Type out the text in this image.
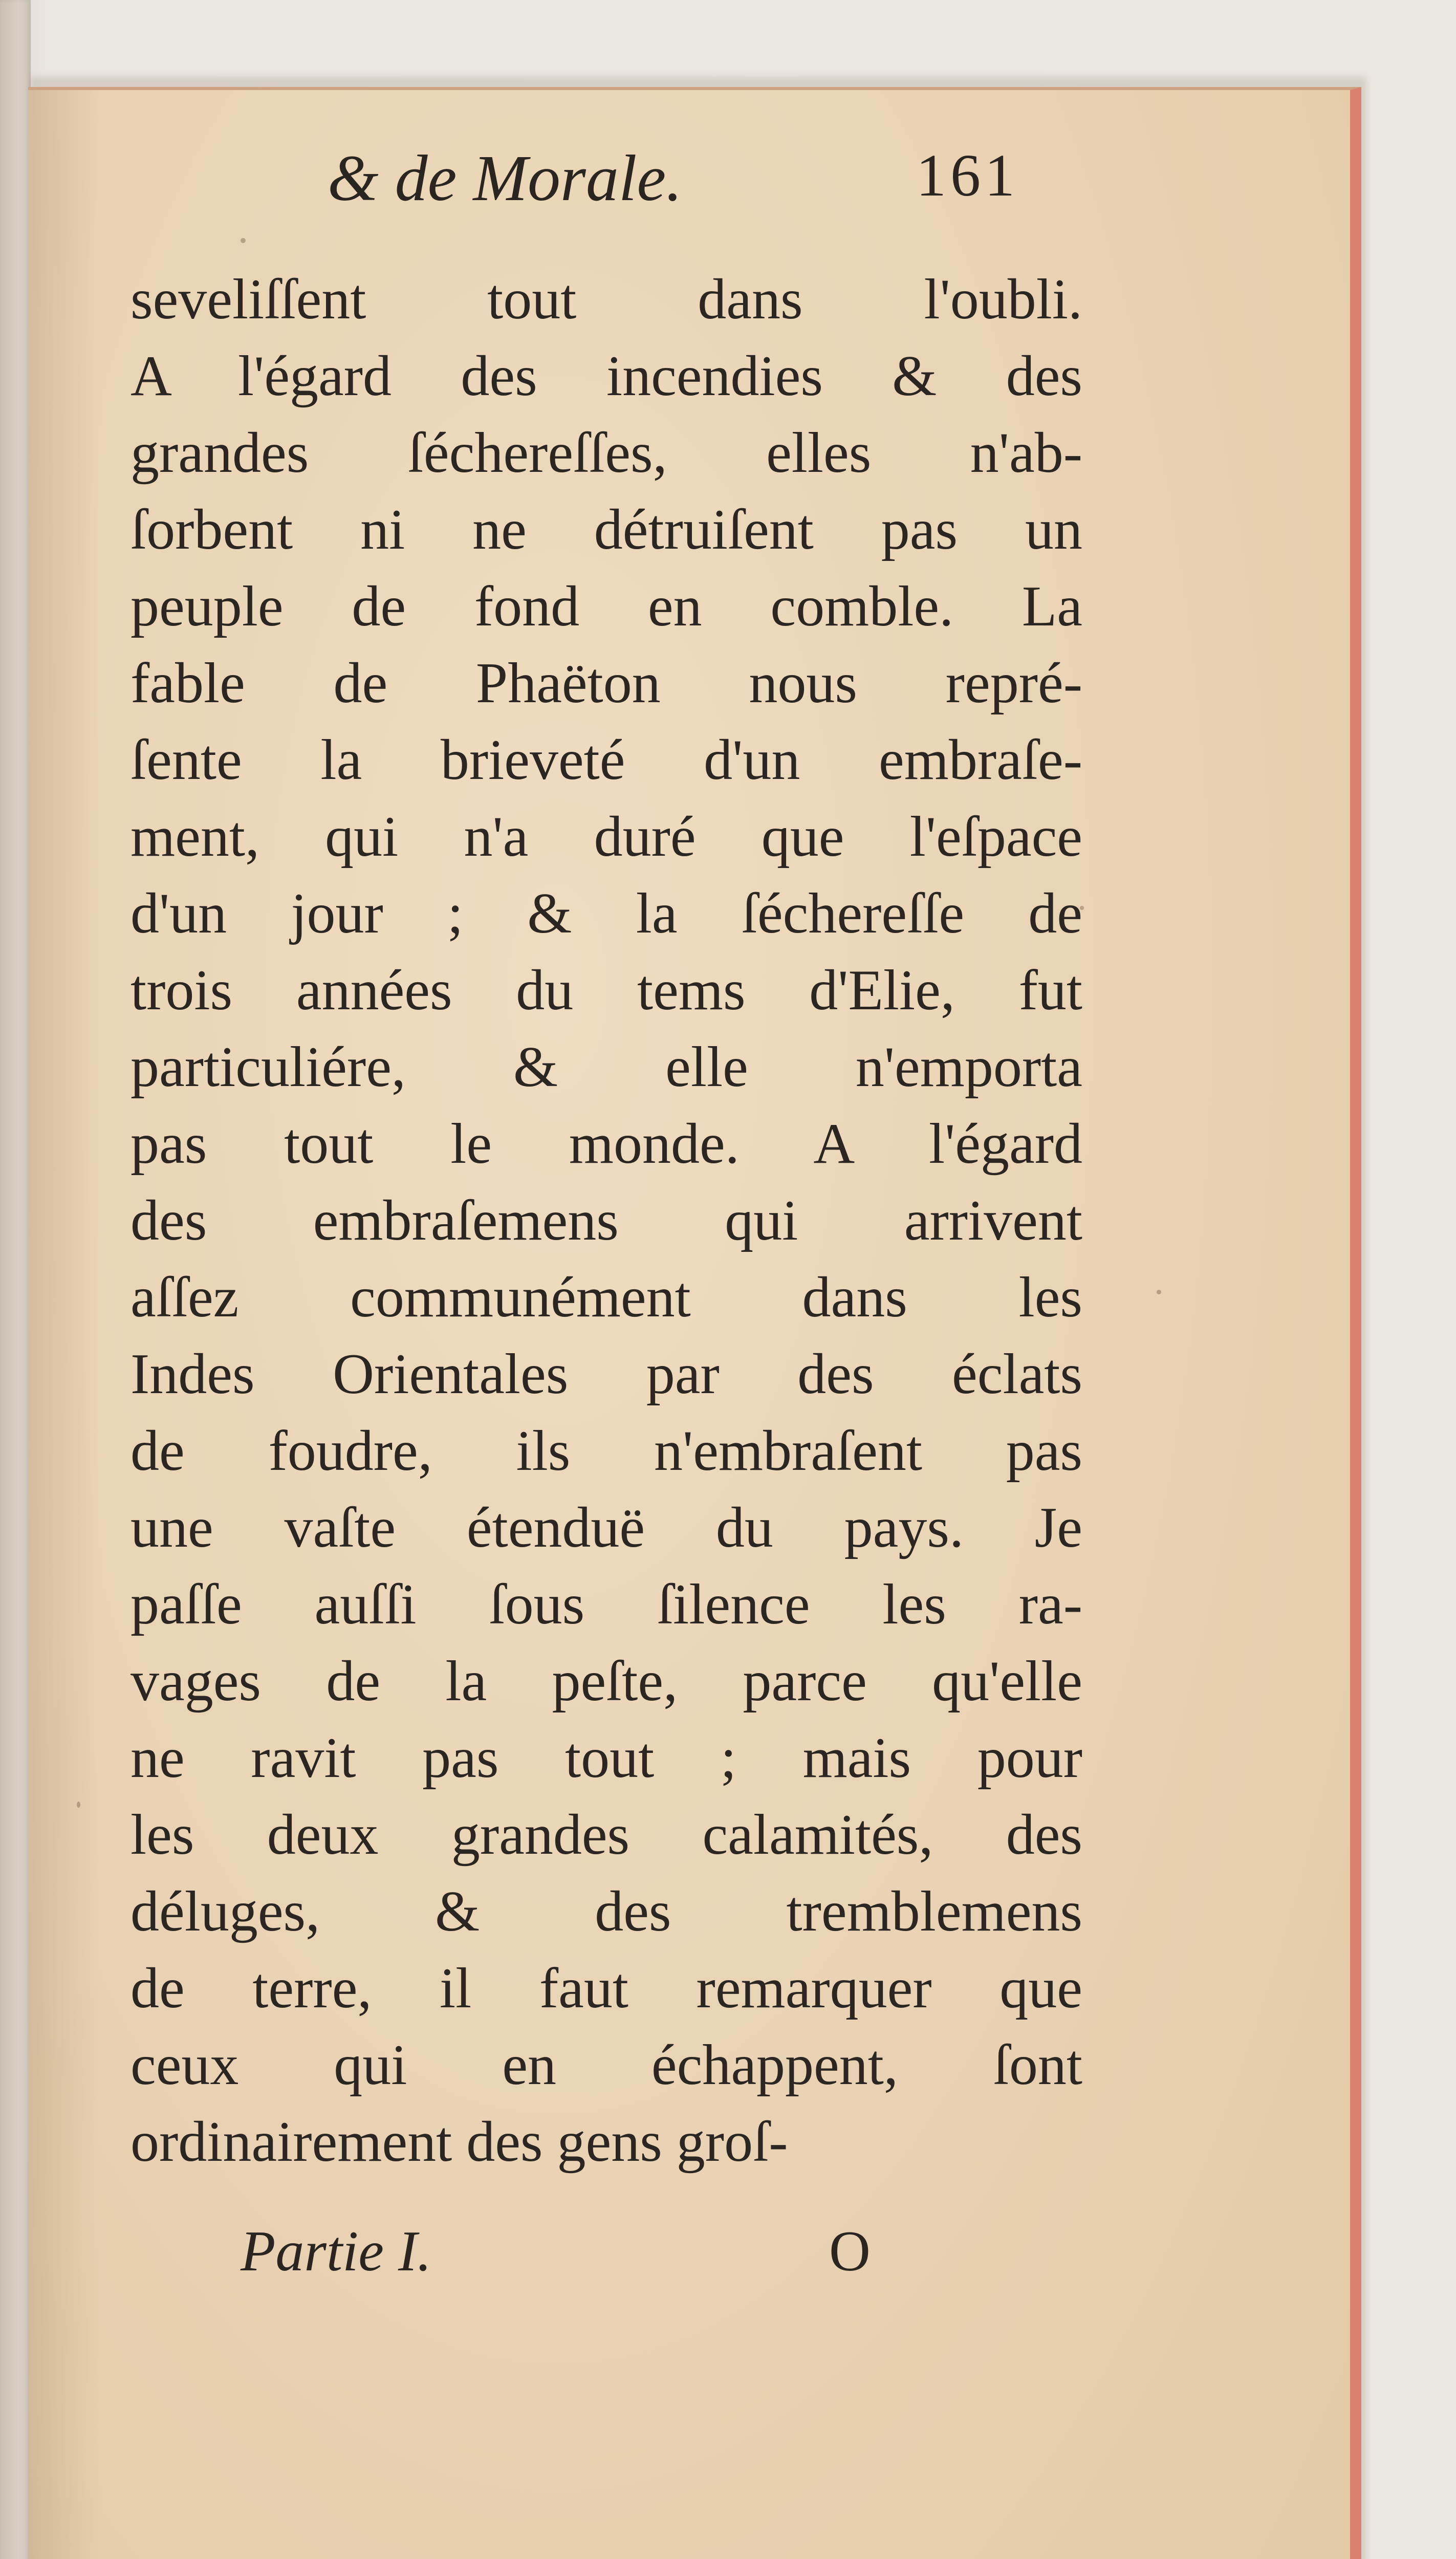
& de Morale.	161
seveliſſent tout dans l'oubli.
A l'égard des incendies & des
grandes ſéchereſſes, elles n'ab-
ſorbent ni ne détruiſent pas un
peuple de fond en comble. La
fable de Phaëton nous repré-
ſente la brieveté d'un embraſe-
ment, qui n'a duré que l'eſpace
d'un jour ; & la ſéchereſſe de
trois années du tems d'Elie, fut
particuliére, & elle n'emporta
pas tout le monde. A l'égard
des embraſemens qui arrivent
aſſez communément dans les
Indes Orientales par des éclats
de foudre, ils n'embraſent pas
une vaſte étenduë du pays. Je
paſſe auſſi ſous ſilence les ra-
vages de la peſte, parce qu'elle
ne ravit pas tout ; mais pour
les deux grandes calamités, des
déluges, & des tremblemens
de terre, il faut remarquer que
ceux qui en échappent, ſont
ordinairement des gens groſ-
Partie I.	O
